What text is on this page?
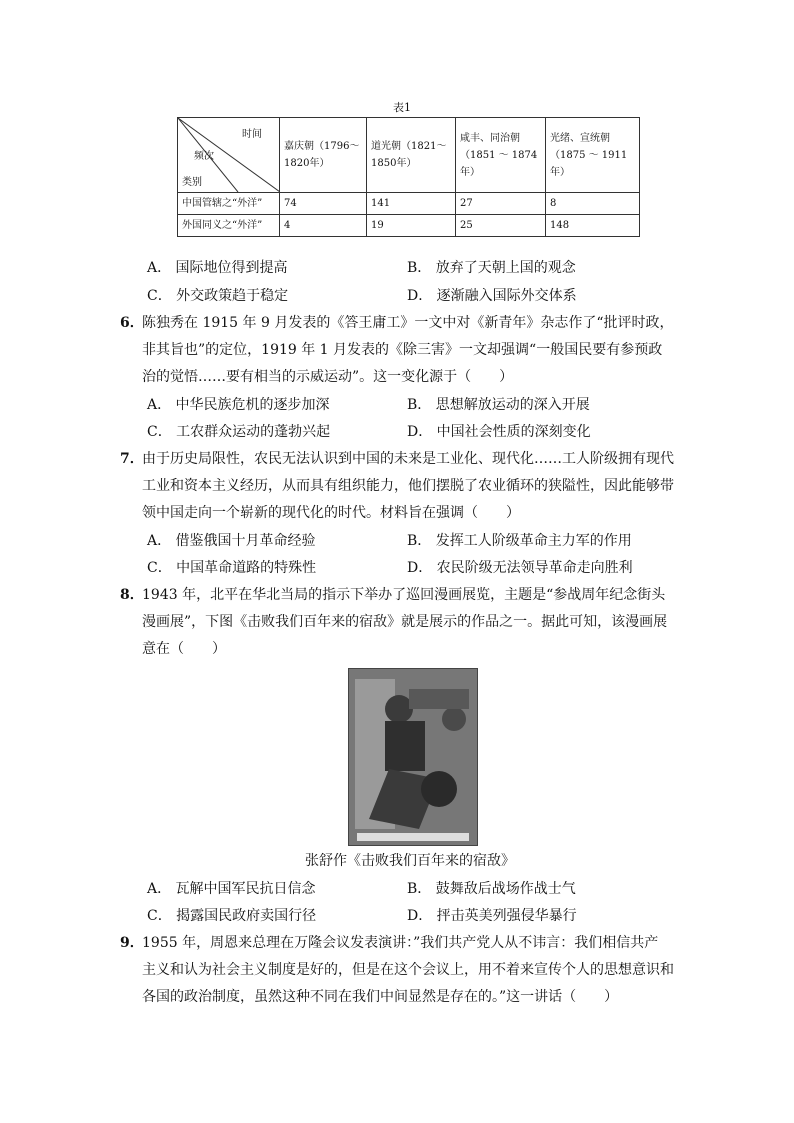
表1
时间
频次
类别	嘉庆朝（1796～1820年）	道光朝（1821～1850年）	咸丰、同治朝（1851 ～ 1874年）	光绪、宣统朝（1875 ～ 1911年）
中国管辖之“外洋”	74	141	27	8
外国同义之“外洋”	4	19	25	148
A． 国际地位得到提高	B． 放弃了天朝上国的观念
C． 外交政策趋于稳定	D． 逐渐融入国际外交体系
6．
陈独秀在 1915 年 9 月发表的《答王庸工》一文中对《新青年》杂志作了“批评时政，
非其旨也”的定位，1919 年 1 月发表的《除三害》一文却强调“一般国民要有参预政
治的觉悟……要有相当的示威运动”。这一变化源于（　　）
A． 中华民族危机的逐步加深	B． 思想解放运动的深入开展
C． 工农群众运动的蓬勃兴起	D． 中国社会性质的深刻变化
7．
由于历史局限性，农民无法认识到中国的未来是工业化、现代化……工人阶级拥有现代
工业和资本主义经历，从而具有组织能力，他们摆脱了农业循环的狭隘性，因此能够带
领中国走向一个崭新的现代化的时代。材料旨在强调（　　）
A． 借鉴俄国十月革命经验	B． 发挥工人阶级革命主力军的作用
C． 中国革命道路的特殊性	D． 农民阶级无法领导革命走向胜利
8．
1943 年，北平在华北当局的指示下举办了巡回漫画展览，主题是“参战周年纪念街头
漫画展”，下图《击败我们百年来的宿敌》就是展示的作品之一。据此可知，该漫画展
意在（　　）
张舒作《击败我们百年来的宿敌》
A． 瓦解中国军民抗日信念	B． 鼓舞敌后战场作战士气
C． 揭露国民政府卖国行径	D． 抨击英美列强侵华暴行
9．
1955 年，周恩来总理在万隆会议发表演讲：”我们共产党人从不讳言：我们相信共产
主义和认为社会主义制度是好的，但是在这个会议上，用不着来宣传个人的思想意识和
各国的政治制度，虽然这种不同在我们中间显然是存在的。”这一讲话（　　）
